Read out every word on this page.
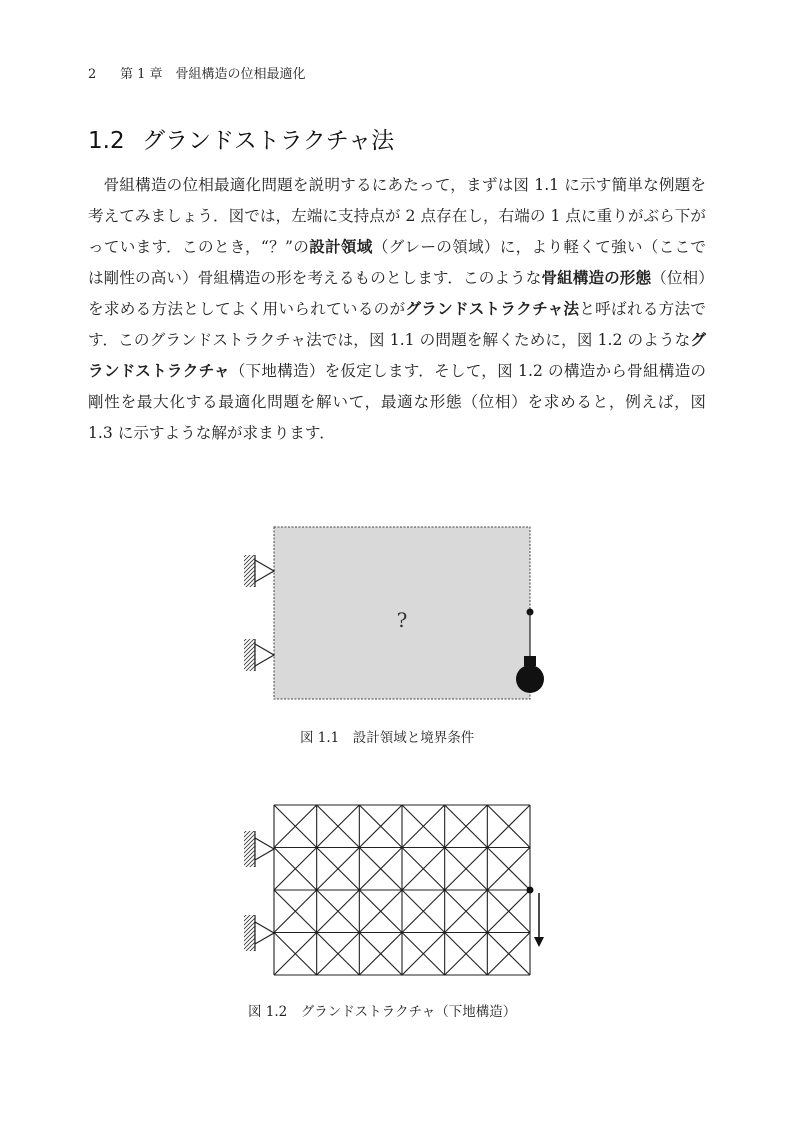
2 第 1 章　骨組構造の位相最適化
1.2 グランドストラクチャ法
骨組構造の位相最適化問題を説明するにあたって，まずは図 1.1 に示す簡単な例題を考えてみましょう．図では，左端に支持点が 2 点存在し，右端の 1 点に重りがぶら下がっています．このとき，“？”の設計領域（グレーの領域）に，より軽くて強い（ここでは剛性の高い）骨組構造の形を考えるものとします．このような骨組構造の形態（位相）を求める方法としてよく用いられているのがグランドストラクチャ法と呼ばれる方法です．このグランドストラクチャ法では，図 1.1 の問題を解くために，図 1.2 のようなグランドストラクチャ（下地構造）を仮定します．そして，図 1.2 の構造から骨組構造の剛性を最大化する最適化問題を解いて，最適な形態（位相）を求めると，例えば，図 1.3 に示すような解が求まります．
?
図 1.1　設計領域と境界条件
図 1.2　グランドストラクチャ（下地構造）
